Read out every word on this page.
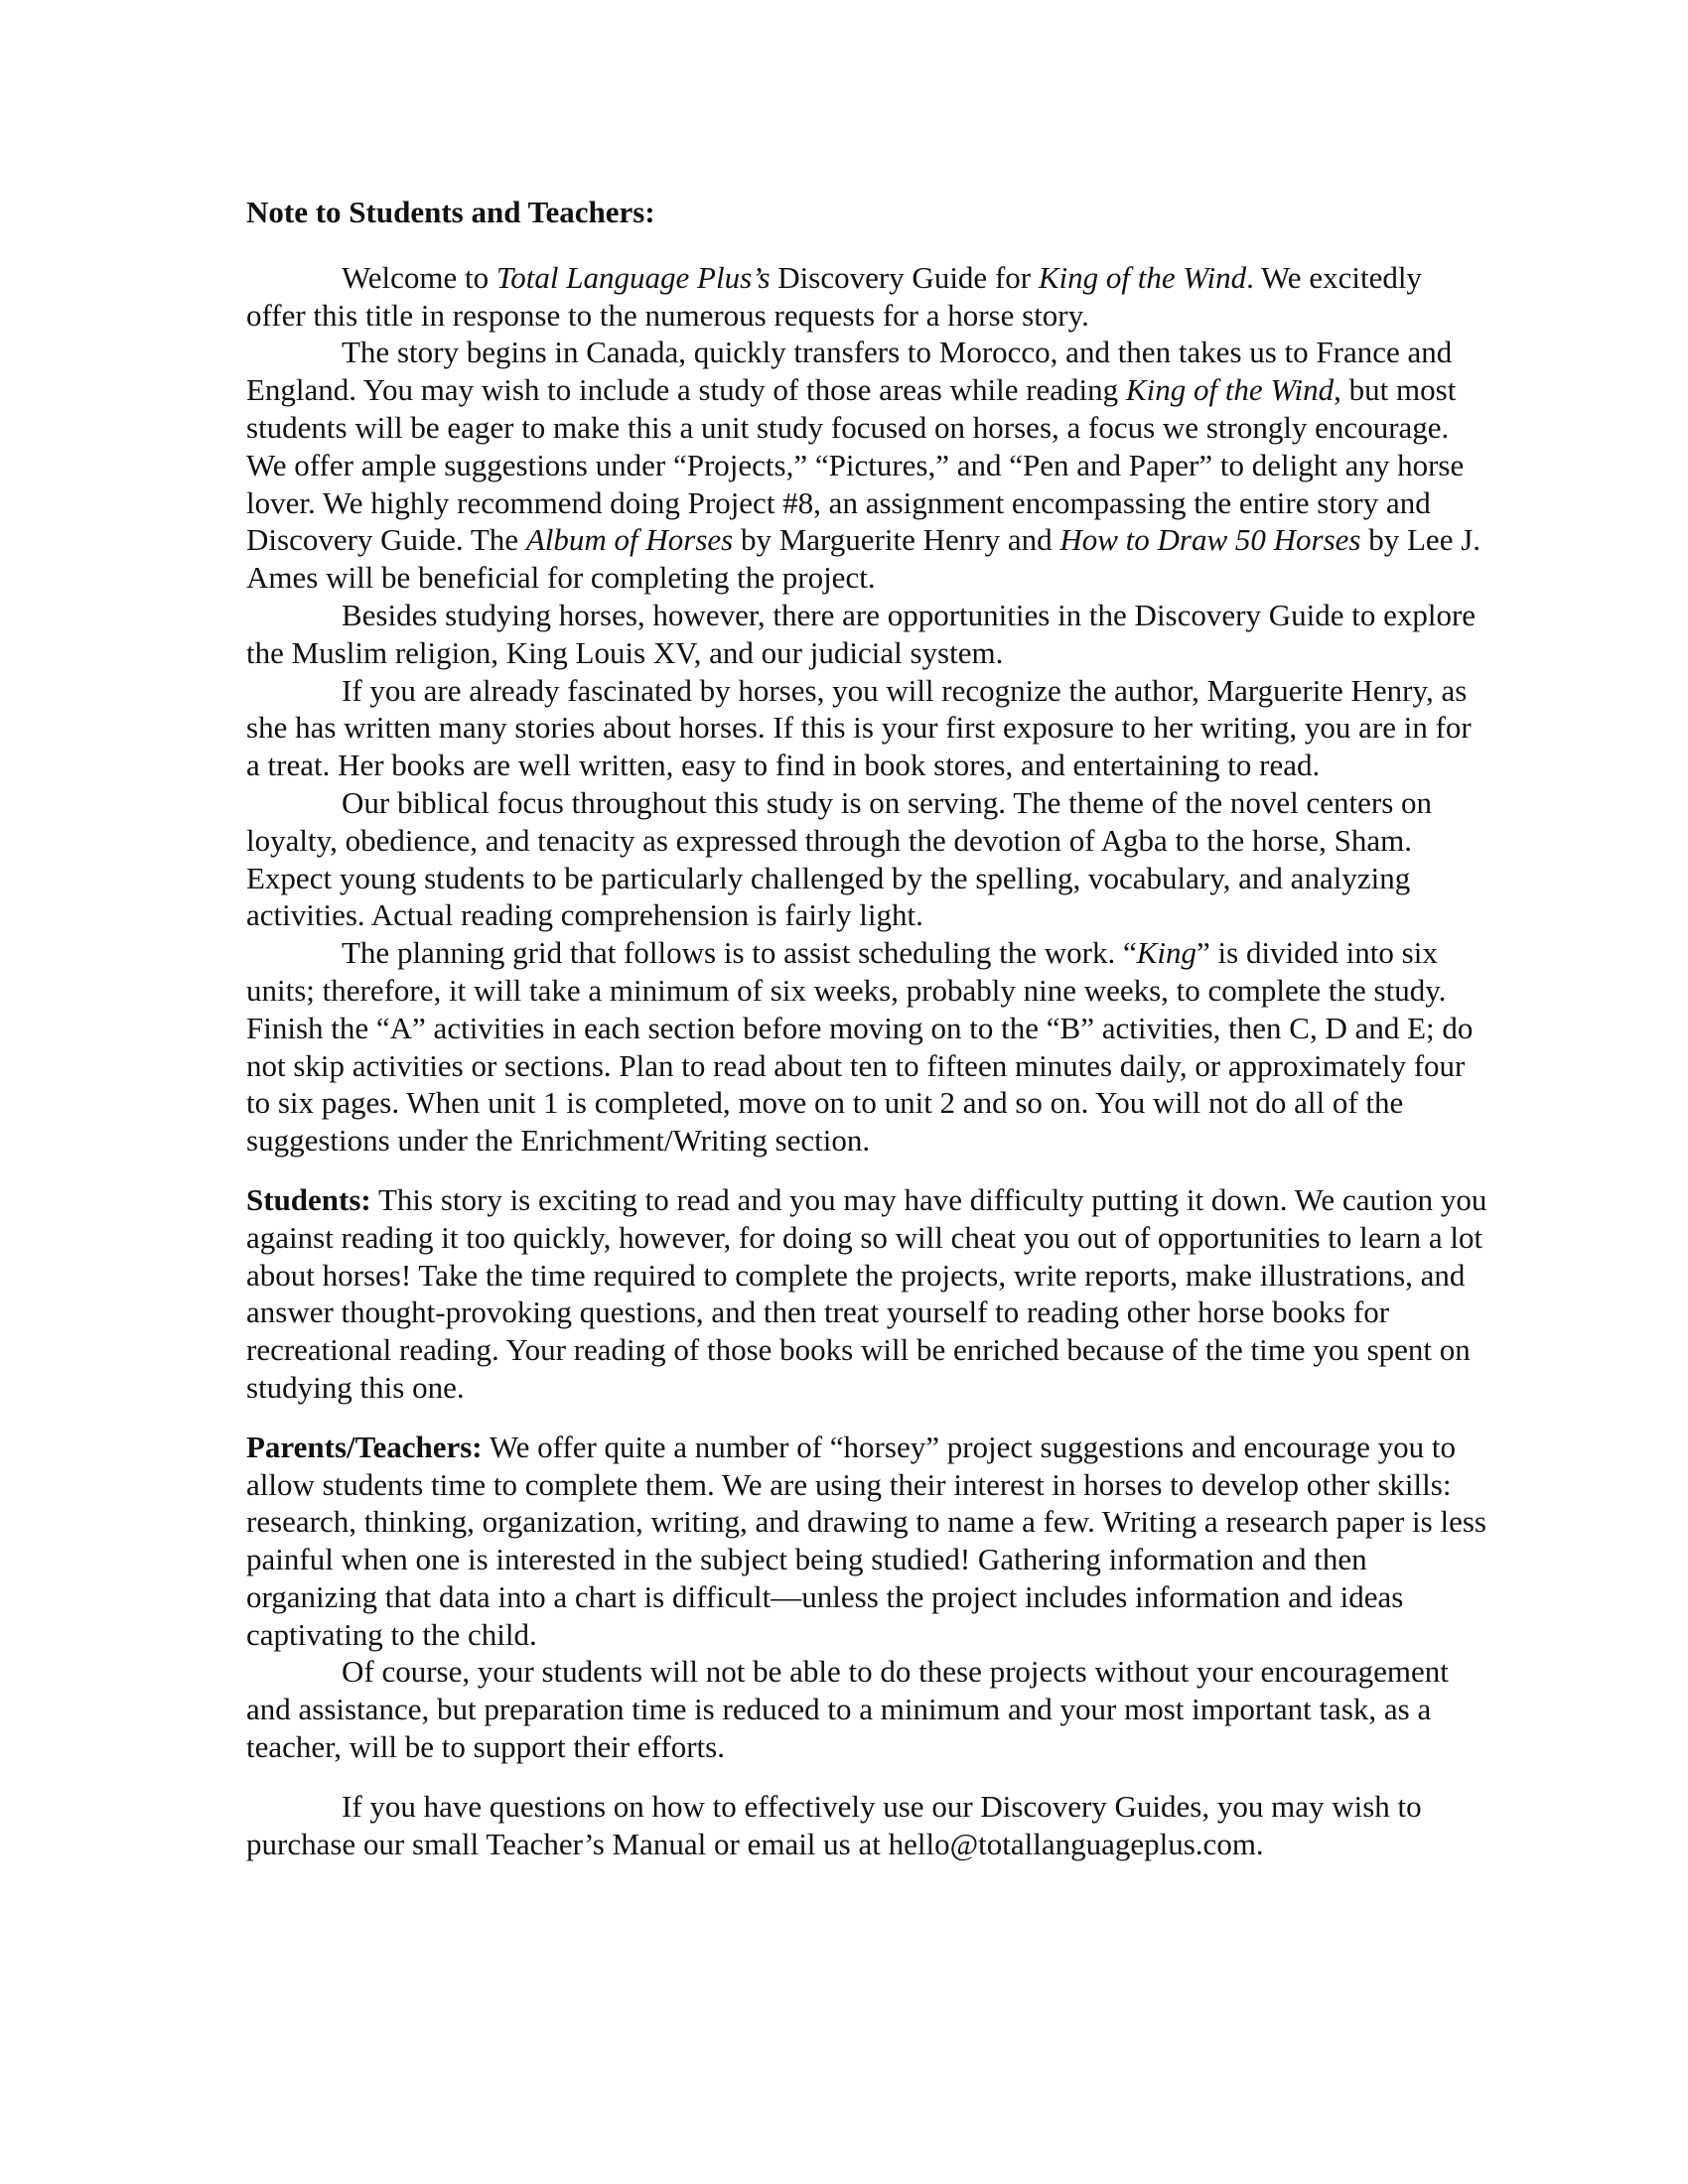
Note to Students and Teachers:

Welcome to Total Language Plus’s Discovery Guide for King of the Wind. We excitedly offer this title in response to the numerous requests for a horse story.

The story begins in Canada, quickly transfers to Morocco, and then takes us to France and England. You may wish to include a study of those areas while reading King of the Wind, but most students will be eager to make this a unit study focused on horses, a focus we strongly encourage. We offer ample suggestions under “Projects,” “Pictures,” and “Pen and Paper” to delight any horse lover. We highly recommend doing Project #8, an assignment encompassing the entire story and Discovery Guide. The Album of Horses by Marguerite Henry and How to Draw 50 Horses by Lee J. Ames will be beneficial for completing the project.

Besides studying horses, however, there are opportunities in the Discovery Guide to explore the Muslim religion, King Louis XV, and our judicial system.

If you are already fascinated by horses, you will recognize the author, Marguerite Henry, as she has written many stories about horses. If this is your first exposure to her writing, you are in for a treat. Her books are well written, easy to find in book stores, and entertaining to read.

Our biblical focus throughout this study is on serving. The theme of the novel centers on loyalty, obedience, and tenacity as expressed through the devotion of Agba to the horse, Sham. Expect young students to be particularly challenged by the spelling, vocabulary, and analyzing activities. Actual reading comprehension is fairly light.

The planning grid that follows is to assist scheduling the work. “King” is divided into six units; therefore, it will take a minimum of six weeks, probably nine weeks, to complete the study. Finish the “A” activities in each section before moving on to the “B” activities, then C, D and E; do not skip activities or sections. Plan to read about ten to fifteen minutes daily, or approximately four to six pages. When unit 1 is completed, move on to unit 2 and so on. You will not do all of the suggestions under the Enrichment/Writing section.

Students: This story is exciting to read and you may have difficulty putting it down. We caution you against reading it too quickly, however, for doing so will cheat you out of opportunities to learn a lot about horses! Take the time required to complete the projects, write reports, make illustrations, and answer thought-provoking questions, and then treat yourself to reading other horse books for recreational reading. Your reading of those books will be enriched because of the time you spent on studying this one.

Parents/Teachers: We offer quite a number of “horsey” project suggestions and encourage you to allow students time to complete them. We are using their interest in horses to develop other skills: research, thinking, organization, writing, and drawing to name a few. Writing a research paper is less painful when one is interested in the subject being studied! Gathering information and then organizing that data into a chart is difficult—unless the project includes information and ideas captivating to the child.

Of course, your students will not be able to do these projects without your encouragement and assistance, but preparation time is reduced to a minimum and your most important task, as a teacher, will be to support their efforts.

If you have questions on how to effectively use our Discovery Guides, you may wish to purchase our small Teacher’s Manual or email us at hello@totallanguageplus.com.
